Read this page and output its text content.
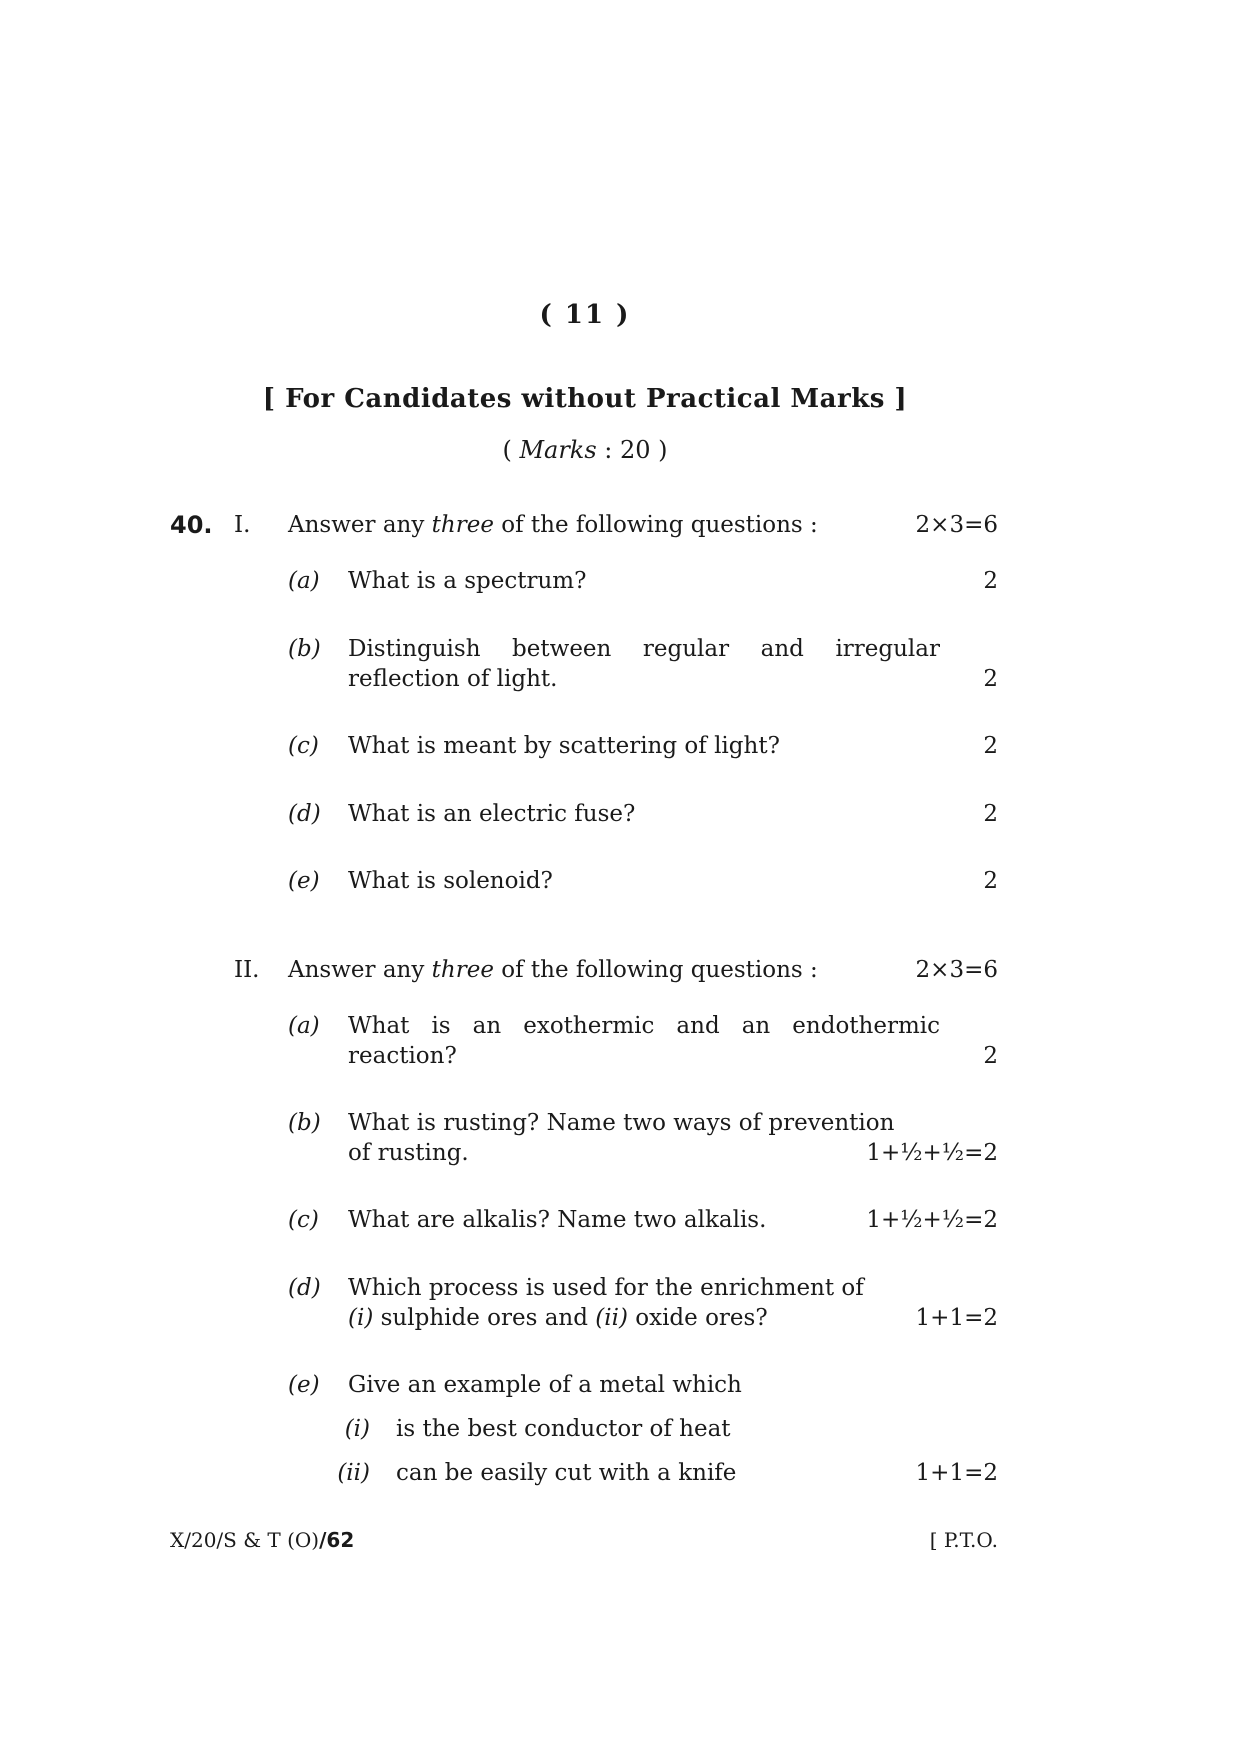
( 11 )
[ For Candidates without Practical Marks ]
( Marks : 20 )
40. I. Answer any three of the following questions :	2×3=6
(a) What is a spectrum?	2
(b) Distinguish between regular and irregular
reflection of light.	2
(c) What is meant by scattering of light?	2
(d) What is an electric fuse?	2
(e) What is solenoid?	2
II. Answer any three of the following questions :	2×3=6
(a) What is an exothermic and an endothermic
reaction?	2
(b) What is rusting? Name two ways of prevention
of rusting.	1+½+½=2
(c) What are alkalis? Name two alkalis.	1+½+½=2
(d) Which process is used for the enrichment of
(i) sulphide ores and (ii) oxide ores?	1+1=2
(e) Give an example of a metal which
(i) is the best conductor of heat
(ii) can be easily cut with a knife	1+1=2
X/20/S & T (O)/62	[ P.T.O.
